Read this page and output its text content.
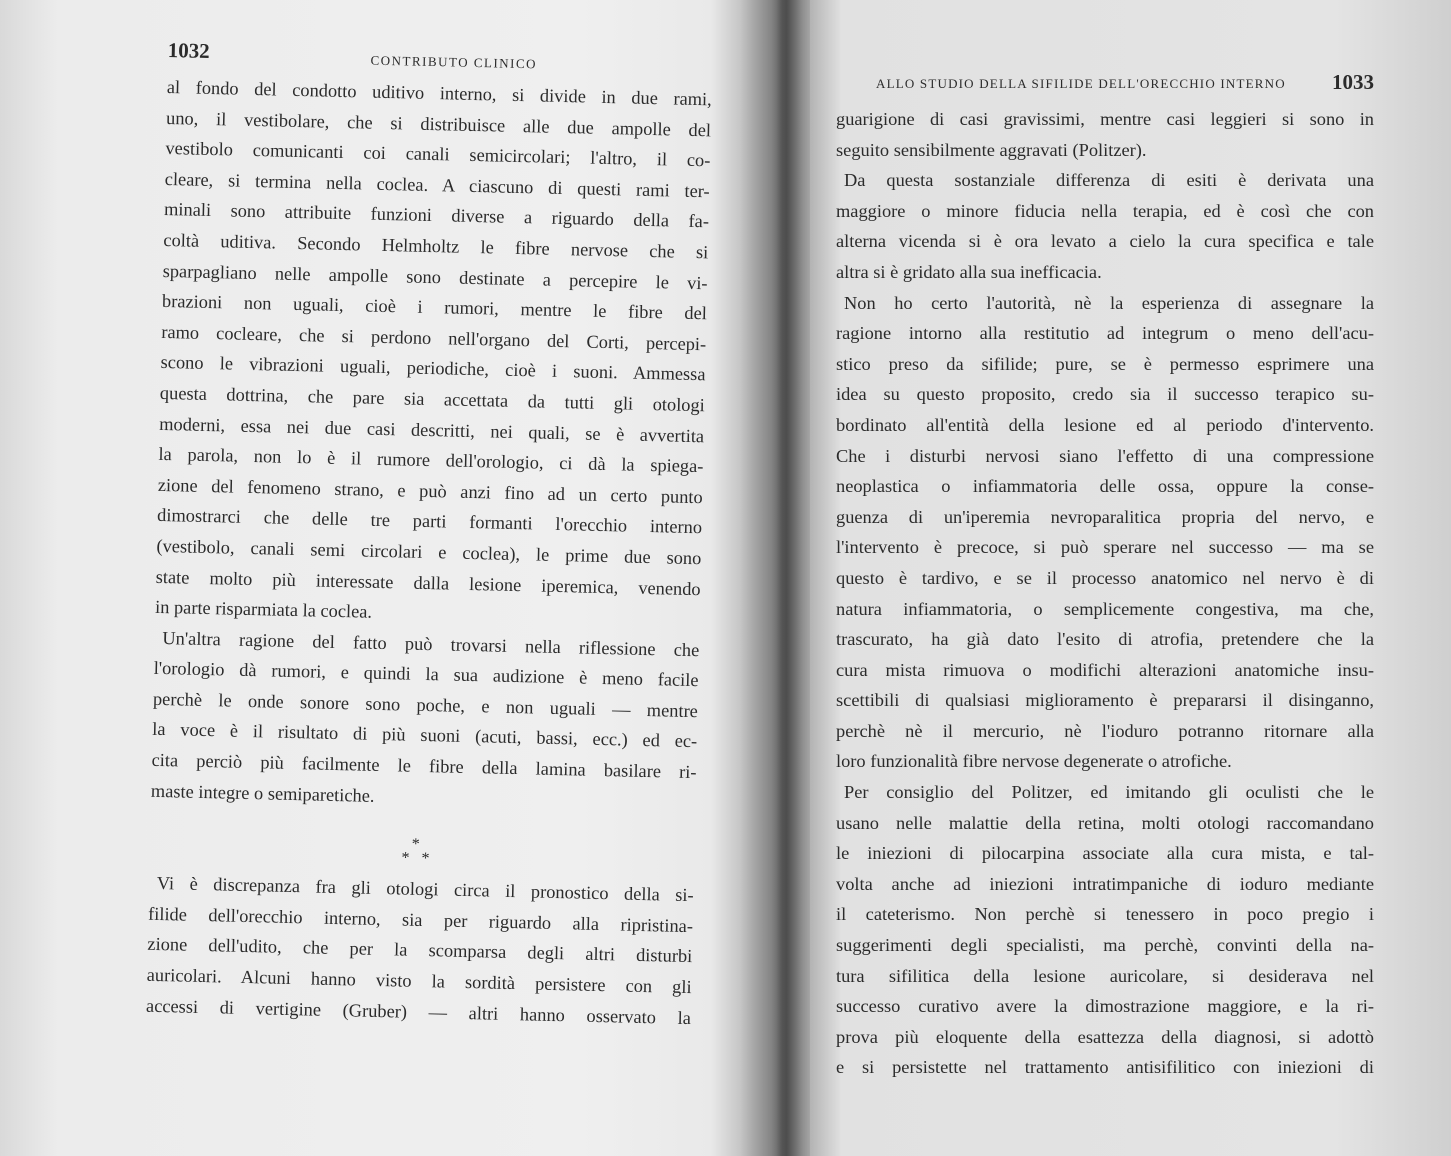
1032	CONTRIBUTO CLINICO
al fondo del condotto uditivo interno, si divide in due rami,
uno, il vestibolare, che si distribuisce alle due ampolle del
vestibolo comunicanti coi canali semicircolari; l'altro, il co-
cleare, si termina nella coclea. A ciascuno di questi rami ter-
minali sono attribuite funzioni diverse a riguardo della fa-
coltà uditiva. Secondo Helmholtz le fibre nervose che si
sparpagliano nelle ampolle sono destinate a percepire le vi-
brazioni non uguali, cioè i rumori, mentre le fibre del
ramo cocleare, che si perdono nell'organo del Corti, percepi-
scono le vibrazioni uguali, periodiche, cioè i suoni. Ammessa
questa dottrina, che pare sia accettata da tutti gli otologi
moderni, essa nei due casi descritti, nei quali, se è avvertita
la parola, non lo è il rumore dell'orologio, ci dà la spiega-
zione del fenomeno strano, e può anzi fino ad un certo punto
dimostrarci che delle tre parti formanti l'orecchio interno
(vestibolo, canali semi circolari e coclea), le prime due sono
state molto più interessate dalla lesione iperemica, venendo
in parte risparmiata la coclea.
Un'altra ragione del fatto può trovarsi nella riflessione che
l'orologio dà rumori, e quindi la sua audizione è meno facile
perchè le onde sonore sono poche, e non uguali — mentre
la voce è il risultato di più suoni (acuti, bassi, ecc.) ed ec-
cita perciò più facilmente le fibre della lamina basilare ri-
maste integre o semiparetiche.
*
* *
Vi è discrepanza fra gli otologi circa il pronostico della si-
filide dell'orecchio interno, sia per riguardo alla ripristina-
zione dell'udito, che per la scomparsa degli altri disturbi
auricolari. Alcuni hanno visto la sordità persistere con gli
accessi di vertigine (Gruber) — altri hanno osservato la
ALLO STUDIO DELLA SIFILIDE DELL'ORECCHIO INTERNO 1033
guarigione di casi gravissimi, mentre casi leggieri si sono in
seguito sensibilmente aggravati (Politzer).
Da questa sostanziale differenza di esiti è derivata una
maggiore o minore fiducia nella terapia, ed è così che con
alterna vicenda si è ora levato a cielo la cura specifica e tale
altra si è gridato alla sua inefficacia.
Non ho certo l'autorità, nè la esperienza di assegnare la
ragione intorno alla restitutio ad integrum o meno dell'acu-
stico preso da sifilide; pure, se è permesso esprimere una
idea su questo proposito, credo sia il successo terapico su-
bordinato all'entità della lesione ed al periodo d'intervento.
Che i disturbi nervosi siano l'effetto di una compressione
neoplastica o infiammatoria delle ossa, oppure la conse-
guenza di un'iperemia nevroparalitica propria del nervo, e
l'intervento è precoce, si può sperare nel successo — ma se
questo è tardivo, e se il processo anatomico nel nervo è di
natura infiammatoria, o semplicemente congestiva, ma che,
trascurato, ha già dato l'esito di atrofia, pretendere che la
cura mista rimuova o modifichi alterazioni anatomiche insu-
scettibili di qualsiasi miglioramento è prepararsi il disinganno,
perchè nè il mercurio, nè l'ioduro potranno ritornare alla
loro funzionalità fibre nervose degenerate o atrofiche.
Per consiglio del Politzer, ed imitando gli oculisti che le
usano nelle malattie della retina, molti otologi raccomandano
le iniezioni di pilocarpina associate alla cura mista, e tal-
volta anche ad iniezioni intratimpaniche di ioduro mediante
il cateterismo. Non perchè si tenessero in poco pregio i
suggerimenti degli specialisti, ma perchè, convinti della na-
tura sifilitica della lesione auricolare, si desiderava nel
successo curativo avere la dimostrazione maggiore, e la ri-
prova più eloquente della esattezza della diagnosi, si adottò
e si persistette nel trattamento antisifilitico con iniezioni di
